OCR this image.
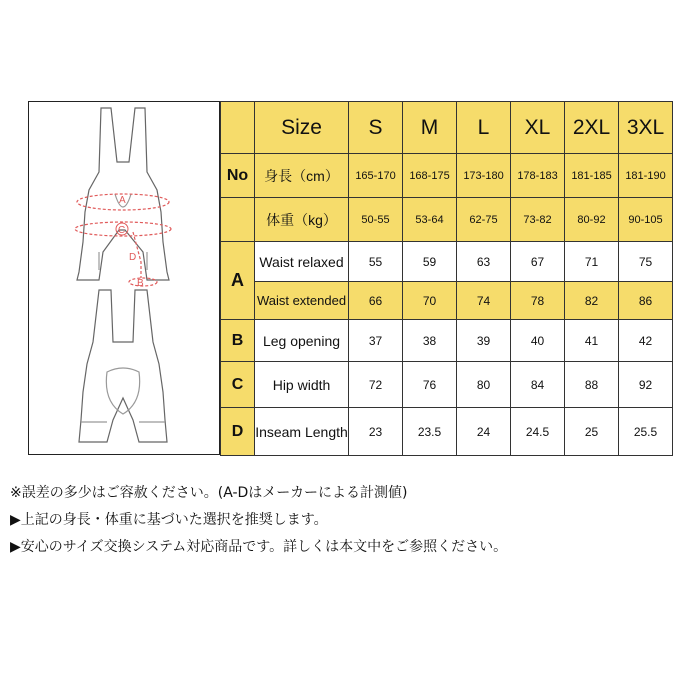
A
C
D
B
	Size	S	M	L	XL	2XL	3XL
No	身長（cm）	165-170	168-175	173-180	178-183	181-185	181-190
	体重（kg）	50-55	53-64	62-75	73-82	80-92	90-105
A	Waist relaxed	55	59	63	67	71	75
	Waist extended	66	70	74	78	82	86
B	Leg opening	37	38	39	40	41	42
C	Hip width	72	76	80	84	88	92
D	Inseam Length	23	23.5	24	24.5	25	25.5
※誤差の多少はご容赦ください。(A-Dはメーカーによる計測値)
▶上記の身長・体重に基づいた選択を推奨します。
▶安心のサイズ交換システム対応商品です。詳しくは本文中をご参照ください。
